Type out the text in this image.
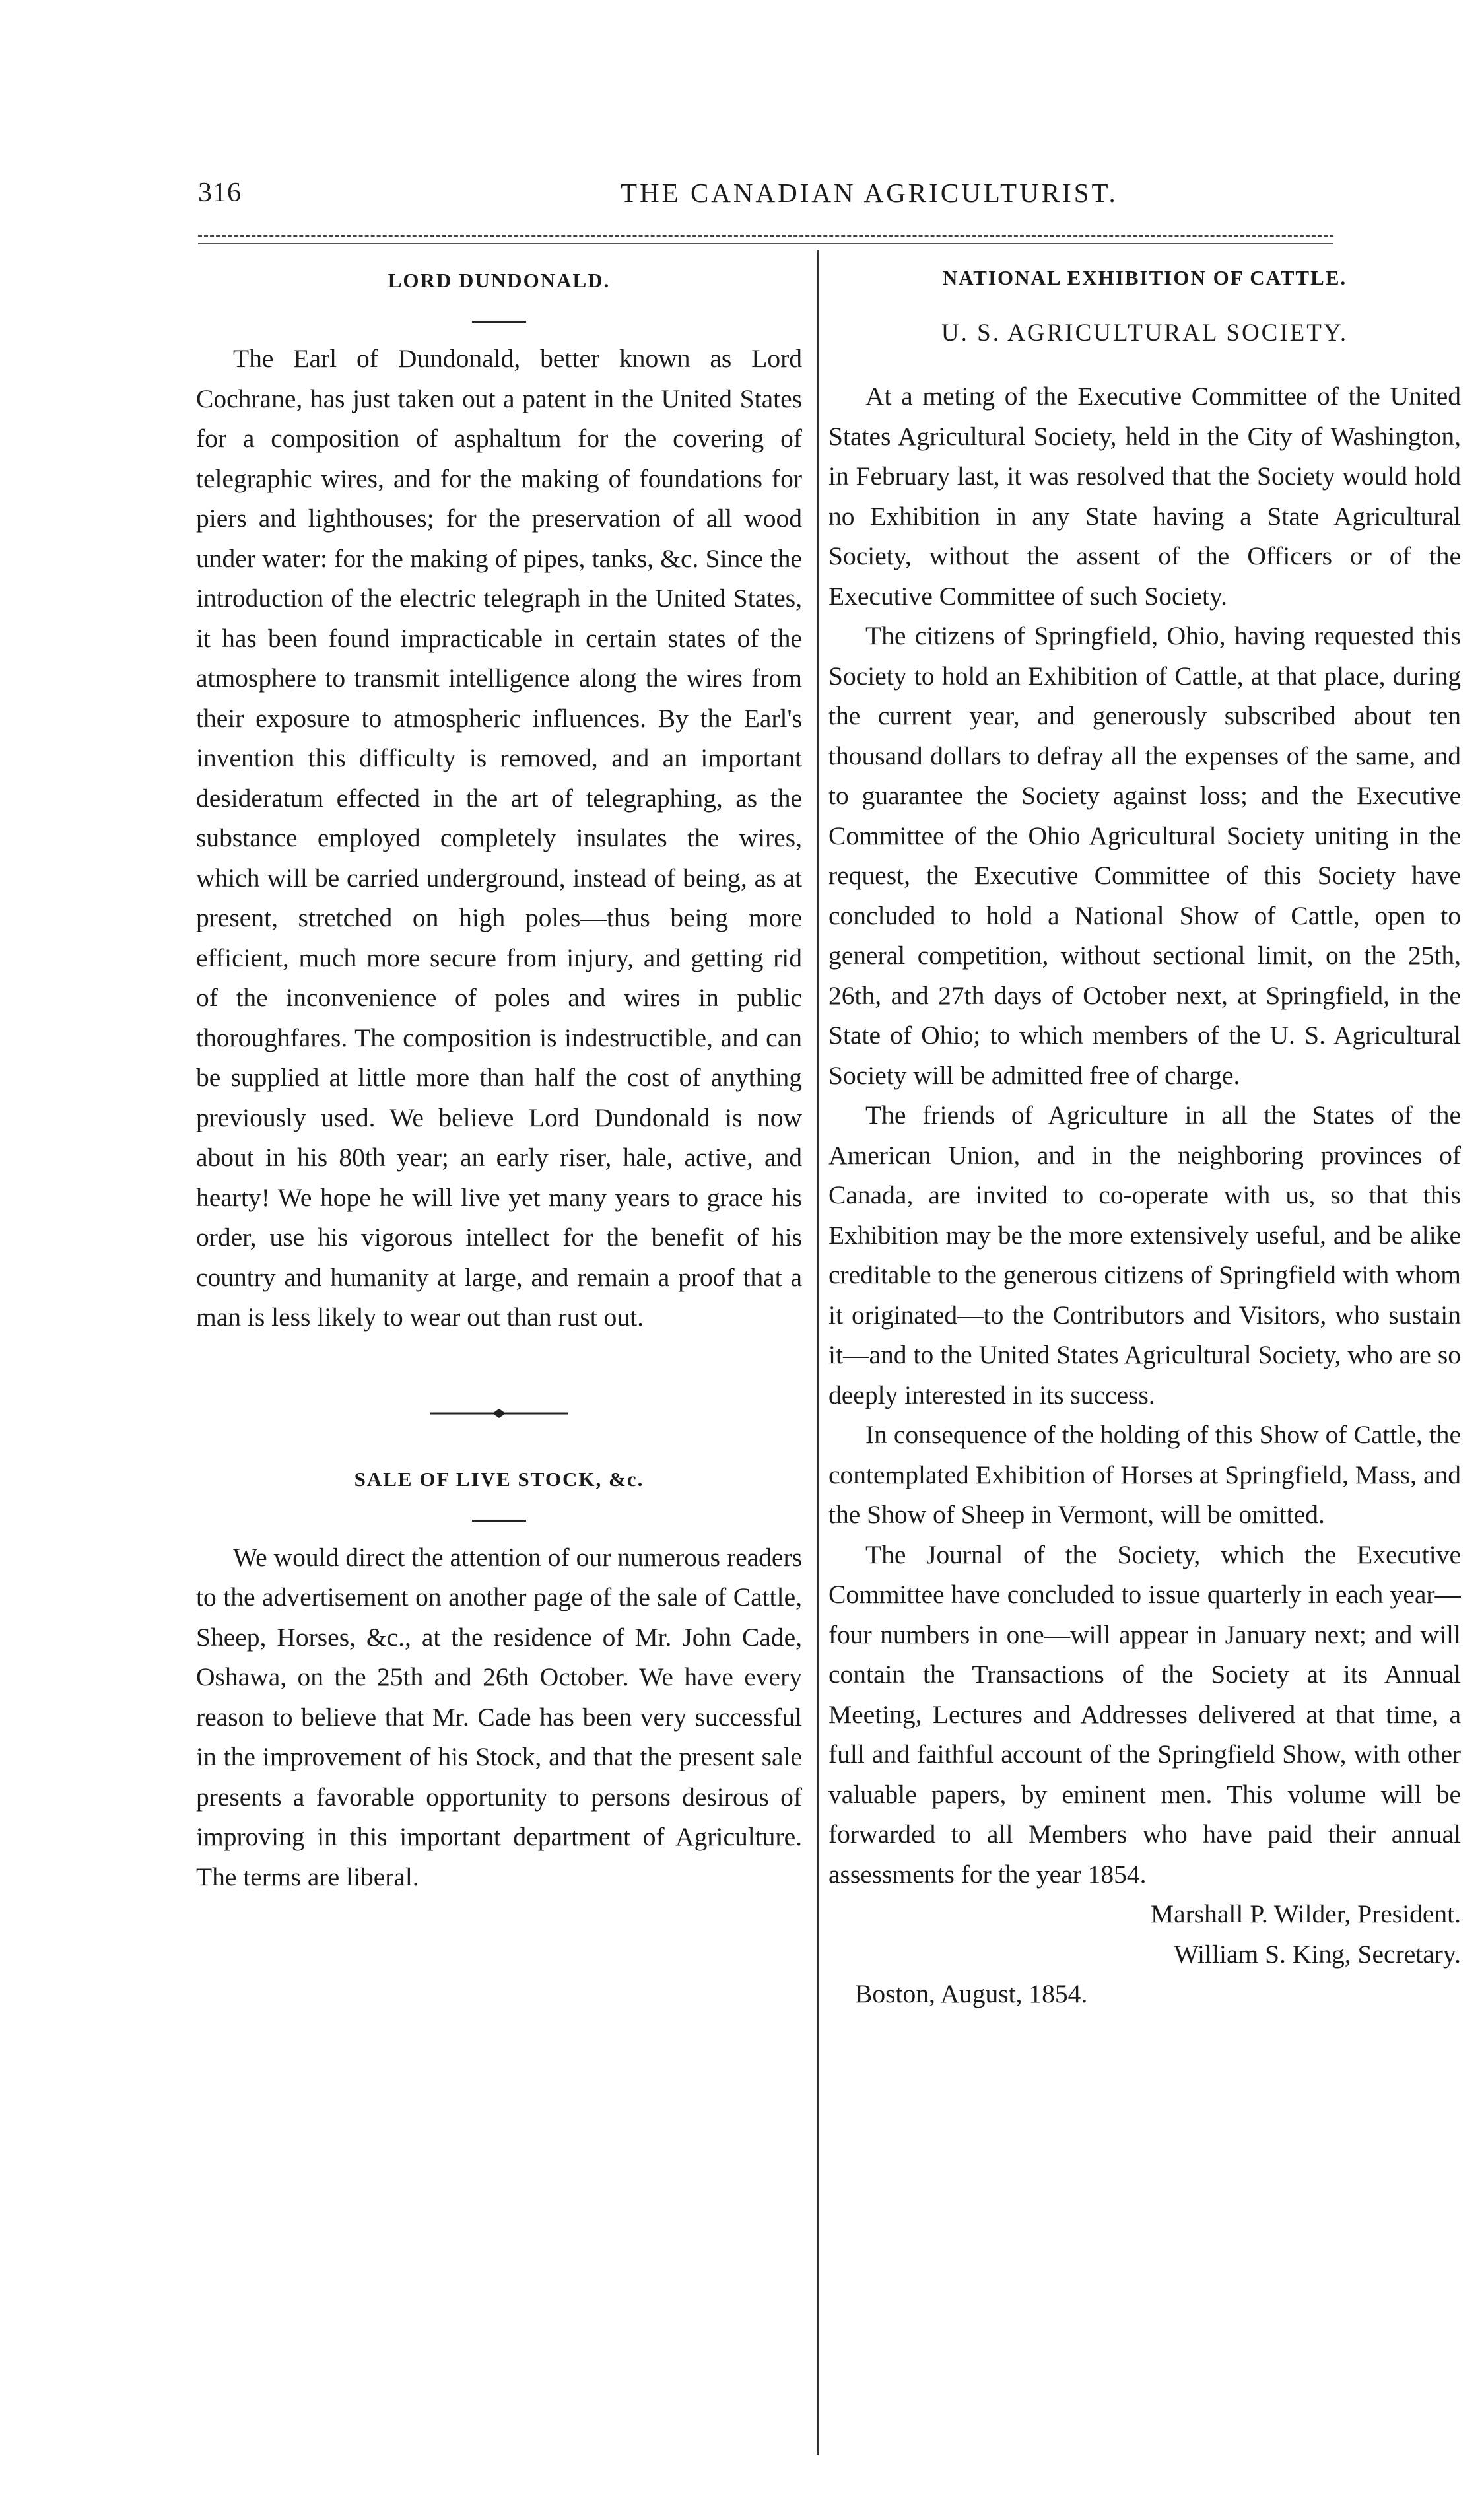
316	THE CANADIAN AGRICULTURIST.
LORD DUNDONALD.

The Earl of Dundonald, better known as Lord Cochrane, has just taken out a patent in the United States for a composition of asphaltum for the covering of telegraphic wires, and for the making of foundations for piers and lighthouses; for the preservation of all wood under water: for the making of pipes, tanks, &c. Since the introduction of the electric telegraph in the United States, it has been found impracticable in certain states of the atmosphere to transmit intelligence along the wires from their exposure to atmospheric influences. By the Earl's invention this difficulty is removed, and an important desideratum effected in the art of telegraphing, as the substance employed completely insulates the wires, which will be carried underground, instead of being, as at present, stretched on high poles—thus being more efficient, much more secure from injury, and getting rid of the inconvenience of poles and wires in public thoroughfares. The composition is indestructible, and can be supplied at little more than half the cost of anything previously used. We believe Lord Dundonald is now about in his 80th year; an early riser, hale, active, and hearty! We hope he will live yet many years to grace his order, use his vigorous intellect for the benefit of his country and humanity at large, and remain a proof that a man is less likely to wear out than rust out.

SALE OF LIVE STOCK, &c.

We would direct the attention of our numerous readers to the advertisement on another page of the sale of Cattle, Sheep, Horses, &c., at the residence of Mr. John Cade, Oshawa, on the 25th and 26th October. We have every reason to believe that Mr. Cade has been very successful in the improvement of his Stock, and that the present sale presents a favorable opportunity to persons desirous of improving in this important department of Agriculture. The terms are liberal.

NATIONAL EXHIBITION OF CATTLE.
U. S. AGRICULTURAL SOCIETY.

At a meting of the Executive Committee of the United States Agricultural Society, held in the City of Washington, in February last, it was resolved that the Society would hold no Exhibition in any State having a State Agricultural Society, without the assent of the Officers or of the Executive Committee of such Society.

The citizens of Springfield, Ohio, having requested this Society to hold an Exhibition of Cattle, at that place, during the current year, and generously subscribed about ten thousand dollars to defray all the expenses of the same, and to guarantee the Society against loss; and the Executive Committee of the Ohio Agricultural Society uniting in the request, the Executive Committee of this Society have concluded to hold a National Show of Cattle, open to general competition, without sectional limit, on the 25th, 26th, and 27th days of October next, at Springfield, in the State of Ohio; to which members of the U. S. Agricultural Society will be admitted free of charge.

The friends of Agriculture in all the States of the American Union, and in the neighboring provinces of Canada, are invited to co-operate with us, so that this Exhibition may be the more extensively useful, and be alike creditable to the generous citizens of Springfield with whom it originated—to the Contributors and Visitors, who sustain it—and to the United States Agricultural Society, who are so deeply interested in its success.

In consequence of the holding of this Show of Cattle, the contemplated Exhibition of Horses at Springfield, Mass, and the Show of Sheep in Vermont, will be omitted.

The Journal of the Society, which the Executive Committee have concluded to issue quarterly in each year—four numbers in one—will appear in January next; and will contain the Transactions of the Society at its Annual Meeting, Lectures and Addresses delivered at that time, a full and faithful account of the Springfield Show, with other valuable papers, by eminent men. This volume will be forwarded to all Members who have paid their annual assessments for the year 1854.

Marshall P. Wilder, President.
William S. King, Secretary.

Boston, August, 1854.
